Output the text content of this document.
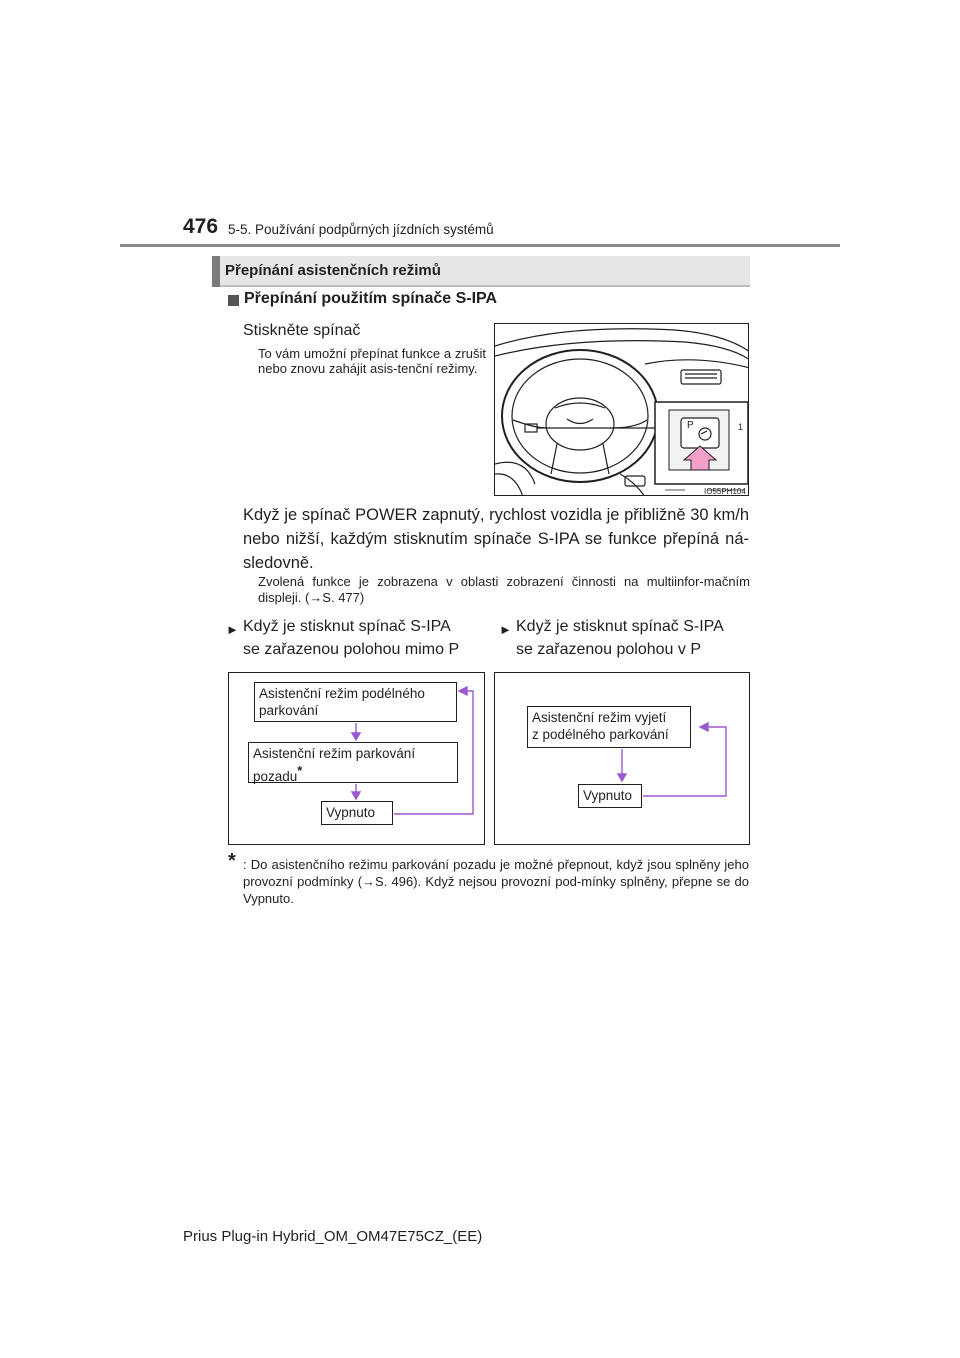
476 5-5. Používání podpůrných jízdních systémů
Přepínání asistenčních režimů
Přepínání použitím spínače S-IPA
Stiskněte spínač
To vám umožní přepínat funkce a zrušit nebo znovu zahájit asis-tenční režimy.
P	1
IO55PH104
Když je spínač POWER zapnutý, rychlost vozidla je přibližně 30 km/h nebo nižší, každým stisknutím spínače S-IPA se funkce přepíná ná-sledovně.
Zvolená funkce je zobrazena v oblasti zobrazení činnosti na multiinfor-mačním displeji. (→S. 477)
► Když je stisknut spínač S-IPA
se zařazenou polohou mimo P
► Když je stisknut spínač S-IPA
se zařazenou polohou v P
Asistenční režim podélného
parkování
Asistenční režim parkování
pozadu*
Vypnuto
Asistenční režim vyjetí
z podélného parkování
Vypnuto
* : Do asistenčního režimu parkování pozadu je možné přepnout, když jsou splněny jeho provozní podmínky (→S. 496). Když nejsou provozní pod-mínky splněny, přepne se do Vypnuto.
Prius Plug-in Hybrid_OM_OM47E75CZ_(EE)
